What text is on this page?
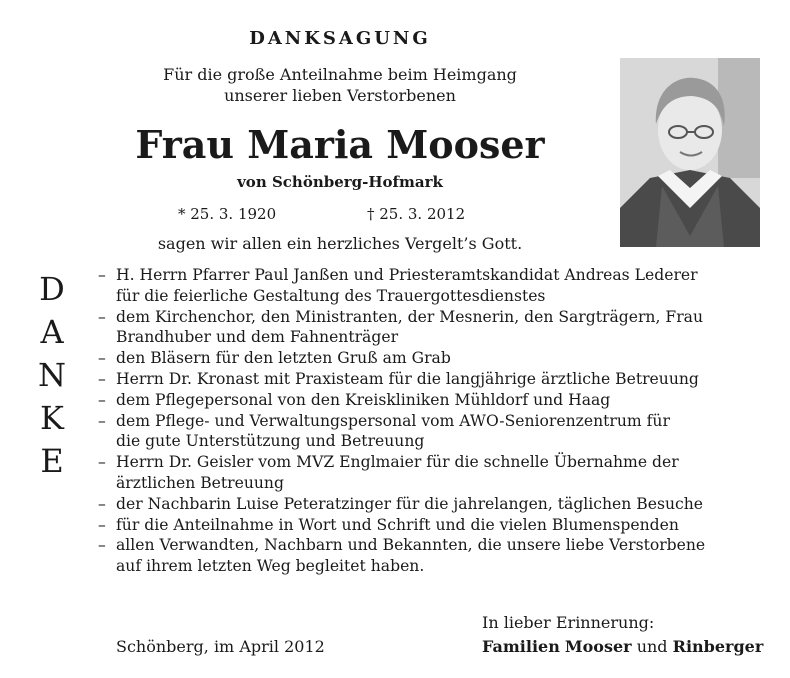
DANKSAGUNG
Für die große Anteilnahme beim Heimgang
unserer lieben Verstorbenen
Frau Maria Mooser
von Schönberg-Hofmark
* 25. 3. 1920	† 25. 3. 2012
sagen wir allen ein herzliches Vergelt’s Gott.
D
A
N
K
E
– H. Herrn Pfarrer Paul Janßen und Priesteramtskandidat Andreas Lederer
für die feierliche Gestaltung des Trauergottesdienstes
– dem Kirchenchor, den Ministranten, der Mesnerin, den Sargträgern, Frau
Brandhuber und dem Fahnenträger
– den Bläsern für den letzten Gruß am Grab
– Herrn Dr. Kronast mit Praxisteam für die langjährige ärztliche Betreuung
– dem Pflegepersonal von den Kreiskliniken Mühldorf und Haag
– dem Pflege- und Verwaltungspersonal vom AWO-Seniorenzentrum für
die gute Unterstützung und Betreuung
– Herrn Dr. Geisler vom MVZ Englmaier für die schnelle Übernahme der
ärztlichen Betreuung
– der Nachbarin Luise Peteratzinger für die jahrelangen, täglichen Besuche
– für die Anteilnahme in Wort und Schrift und die vielen Blumenspenden
– allen Verwandten, Nachbarn und Bekannten, die unsere liebe Verstorbene
auf ihrem letzten Weg begleitet haben.
In lieber Erinnerung:
Schönberg, im April 2012	Familien Mooser und Rinberger
